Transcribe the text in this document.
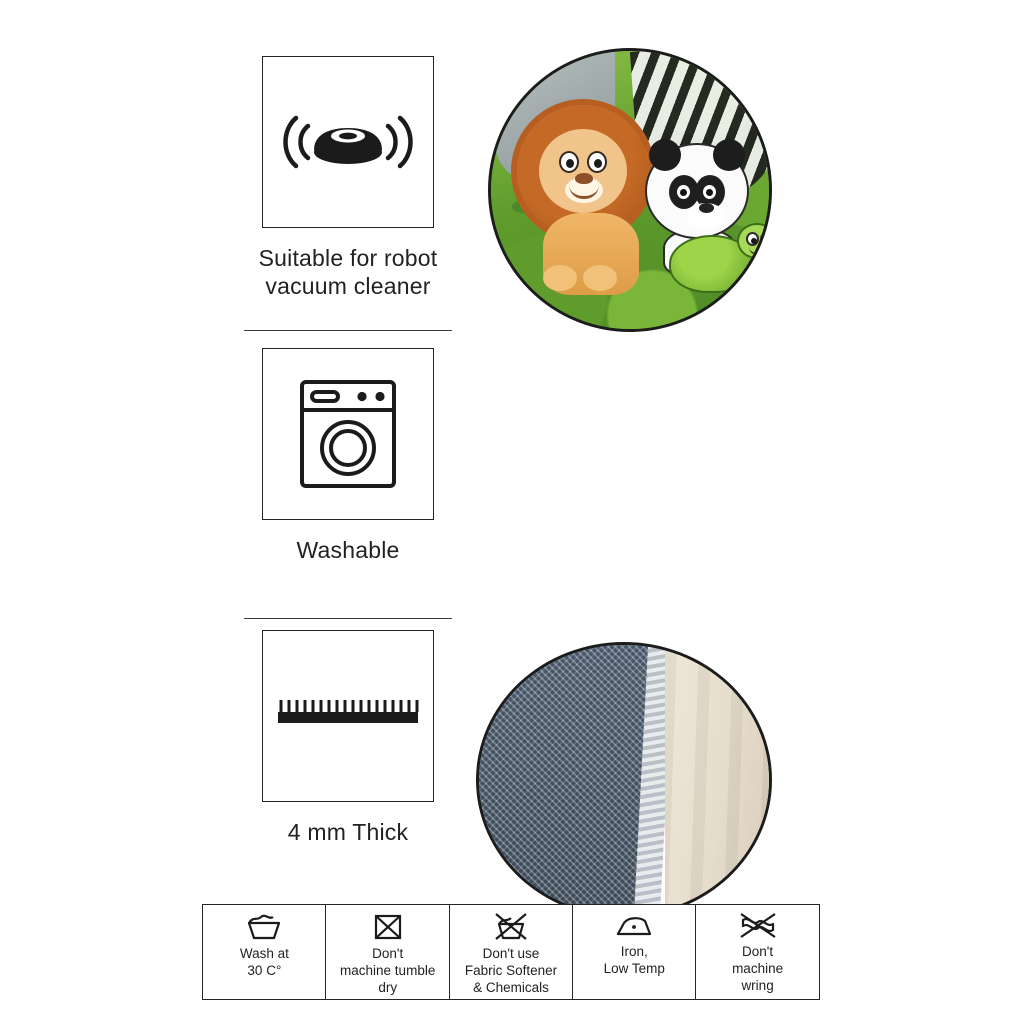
Suitable for robot
vacuum cleaner
Washable
4 mm Thick
Wash at
30 C°
Don't
machine tumble dry
Don't use
Fabric Softener
& Chemicals
Iron,
Low Temp
Don't
machine
wring
